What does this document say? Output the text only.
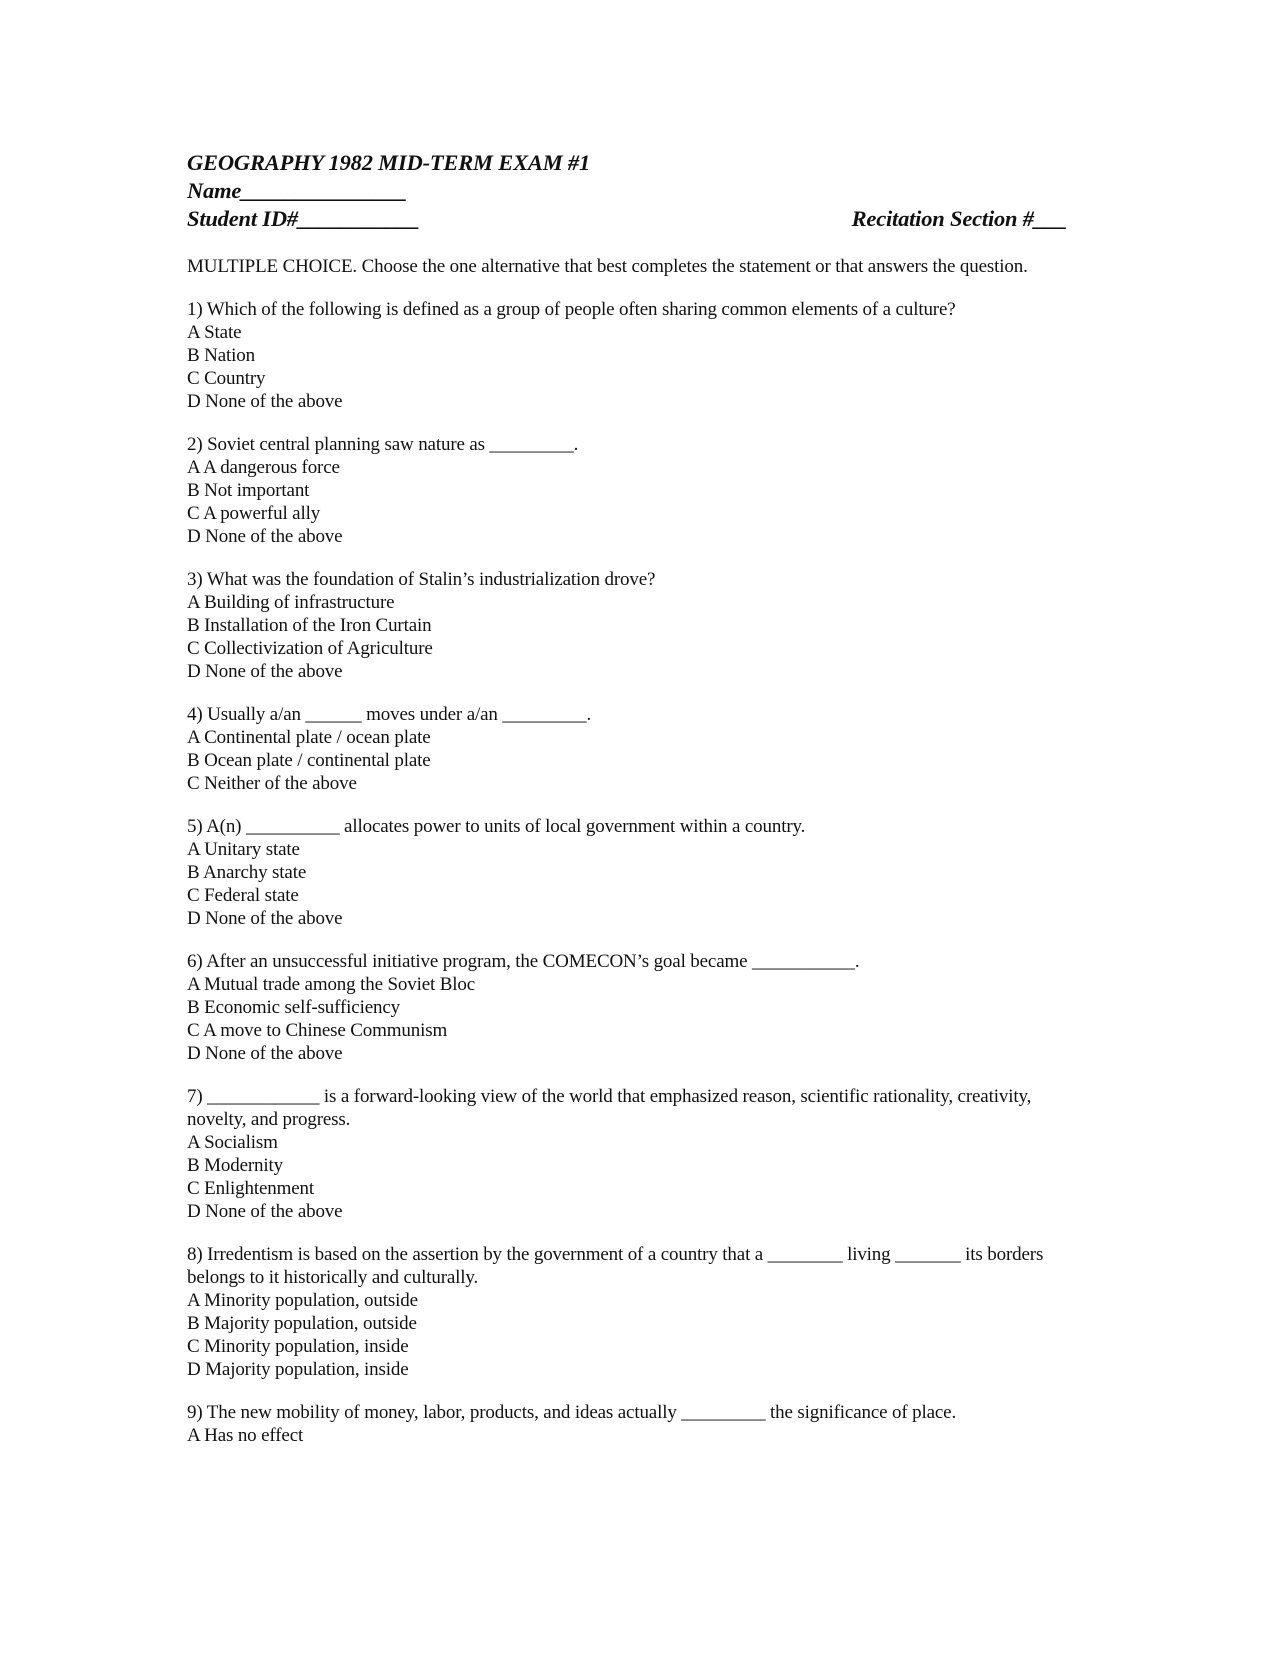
GEOGRAPHY 1982 MID-TERM EXAM #1
Name_______________
Student ID#___________	Recitation Section #___
MULTIPLE CHOICE. Choose the one alternative that best completes the statement or that answers the question.
1) Which of the following is defined as a group of people often sharing common elements of a culture?
A State
B Nation
C Country
D None of the above
2) Soviet central planning saw nature as _________.
A A dangerous force
B Not important
C A powerful ally
D None of the above
3) What was the foundation of Stalin’s industrialization drove?
A Building of infrastructure
B Installation of the Iron Curtain
C Collectivization of Agriculture
D None of the above
4) Usually a/an ______ moves under a/an _________.
A Continental plate / ocean plate
B Ocean plate / continental plate
C Neither of the above
5) A(n) __________ allocates power to units of local government within a country.
A Unitary state
B Anarchy state
C Federal state
D None of the above
6) After an unsuccessful initiative program, the COMECON’s goal became ___________.
A Mutual trade among the Soviet Bloc
B Economic self-sufficiency
C A move to Chinese Communism
D None of the above
7) ____________ is a forward-looking view of the world that emphasized reason, scientific rationality, creativity, novelty, and progress.
A Socialism
B Modernity
C Enlightenment
D None of the above
8) Irredentism is based on the assertion by the government of a country that a ________ living _______ its borders belongs to it historically and culturally.
A Minority population, outside
B Majority population, outside
C Minority population, inside
D Majority population, inside
9) The new mobility of money, labor, products, and ideas actually _________ the significance of place.
A Has no effect
